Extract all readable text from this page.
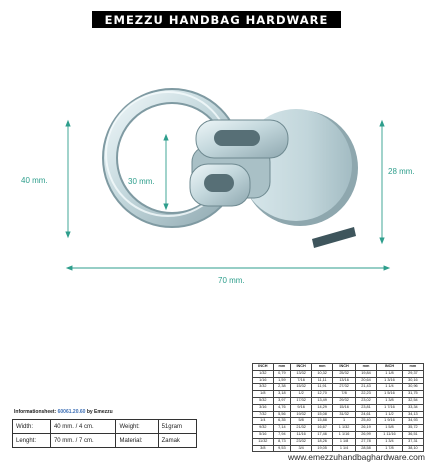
EMEZZU HANDBAG HARDWARE
40 mm.	30 mm.
28 mm.
70 mm.
Informationsheet: 60061.20.60 by Emezzu
Width:	40 mm. / 4 cm.	Weight:	51gram
Lenght:	70 mm. / 7 cm.	Material:	Zamak
INCH	mm	INCH	mm	INCH	mm	INCH	mm
1/32	0,79	13/32	10,32	25/32	19,84	1 1/8	29,37
1/16	1,59	7/16	11,11	13/16	20,64	1 3/16	30,16
3/32	2,38	15/32	11,91	27/32	21,43	1 1/4	30,96
1/8	3,18	1/2	12,70	7/8	22,23	1 5/16	31,75
5/32	3,97	17/32	13,49	29/32	23,02	1 3/8	32,54
3/16	4,76	9/16	14,29	15/16	23,81	1 7/16	33,34
7/32	5,56	19/32	15,08	31/32	24,61	1 1/2	34,13
1/4	6,35	5/8	15,88	1	25,40	1 9/16	34,93
9/32	7,14	21/32	16,67	1 1/32	26,19	1 5/8	35,72
5/16	7,94	11/16	17,46	1 1/16	26,99	1 11/16	36,51
11/32	8,73	23/32	18,26	1 1/8	27,78	1 3/4	37,31
3/8	9,53	3/4	19,05	1 1/4	28,58	1 7/8	38,10
www.emezzuhandbaghardware.com
